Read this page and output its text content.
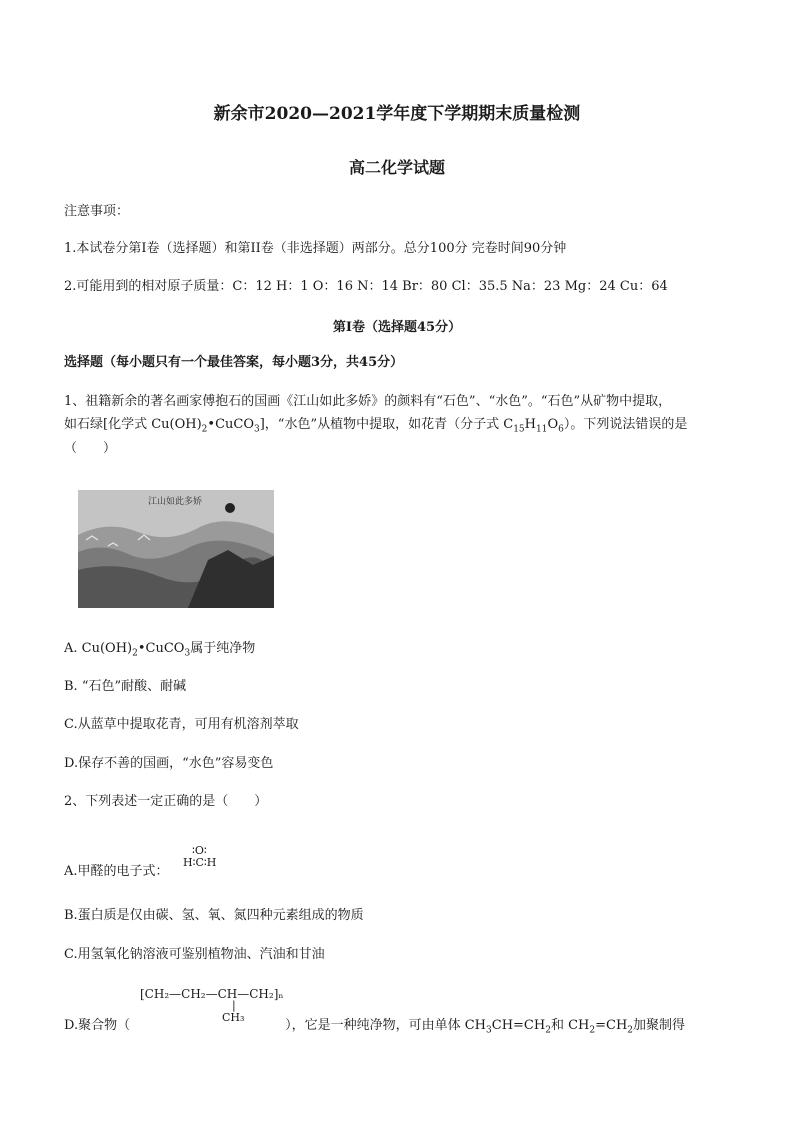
新余市2020—2021学年度下学期期末质量检测
高二化学试题
注意事项：
1.本试卷分第I卷（选择题）和第II卷（非选择题）两部分。总分100分 完卷时间90分钟
2.可能用到的相对原子质量：C：12 H：1 O：16 N：14 Br：80 Cl：35.5 Na：23 Mg：24 Cu：64
第I卷（选择题45分）
选择题（每小题只有一个最佳答案，每小题3分，共45分）
1、祖籍新余的著名画家傅抱石的国画《江山如此多娇》的颜料有“石色”、“水色”。“石色”从矿物中提取，
如石绿[化学式 $Cu(OH)_2•CuCO_3$]，“水色”从植物中提取，如花青（分子式 $C_{15}H_{11}O_6$）。下列说法错误的是
（　　）
江山如此多娇
A. $Cu(OH)_2•CuCO_3$属于纯净物
B. “石色”耐酸、耐碱
C.从蓝草中提取花青，可用有机溶剂萃取
D.保存不善的国画，“水色”容易变色
2、下列表述一定正确的是（　　）
∶O∶
H∶C∶H
A.甲醛的电子式：
B.蛋白质是仅由碳、氢、氧、氮四种元素组成的物质
C.用氢氧化钠溶液可鉴别植物油、汽油和甘油
[CH₂—CH₂—CH—CH₂]ₙ
|
CH₃
D.聚合物（	），它是一种纯净物，可由单体 $CH_3CH=CH_2$和 $CH_2=CH_2$加聚制得
